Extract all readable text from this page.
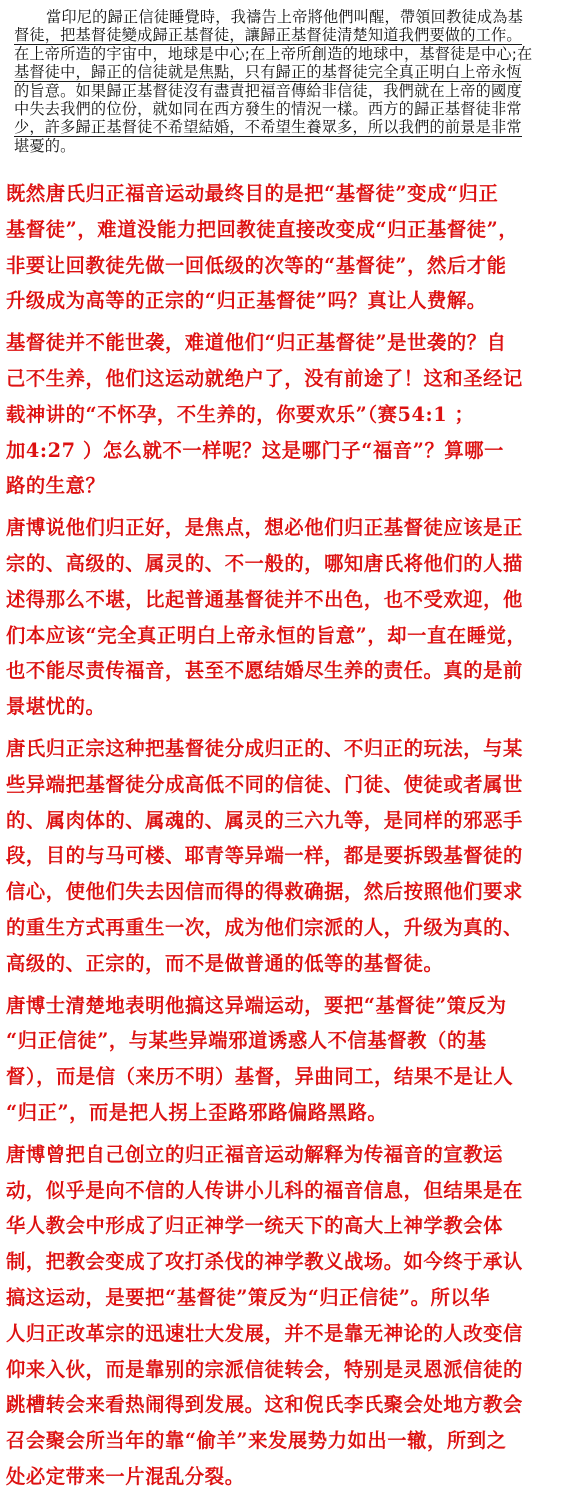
當印尼的歸正信徒睡覺時，我禱告上帝將他們叫醒，帶領回教徒成為基
督徒，把基督徒變成歸正基督徒，讓歸正基督徒清楚知道我們要做的工作。
在上帝所造的宇宙中，地球是中心;在上帝所創造的地球中，基督徒是中心;在
基督徒中，歸正的信徒就是焦點，只有歸正的基督徒完全真正明白上帝永恆
的旨意。如果歸正基督徒沒有盡責把福音傳給非信徒，我們就在上帝的國度
中失去我們的位份，就如同在西方發生的情況一樣。西方的歸正基督徒非常
少，許多歸正基督徒不希望結婚，不希望生養眾多，所以我們的前景是非常
堪憂的。
既然唐氏归正福音运动最终目的是把“基督徒”变成“归正
基督徒”，难道没能力把回教徒直接改变成“归正基督徒”，
非要让回教徒先做一回低级的次等的“基督徒”，然后才能
升级成为高等的正宗的“归正基督徒”吗？真让人费解。
基督徒并不能世袭，难道他们“归正基督徒”是世袭的？自
己不生养，他们这运动就绝户了，没有前途了！这和圣经记
载神讲的“不怀孕，不生养的，你要欢乐”（赛54:1 ；
加4:27 ）怎么就不一样呢？这是哪门子“福音”？算哪一
路的生意？
唐博说他们归正好，是焦点，想必他们归正基督徒应该是正
宗的、高级的、属灵的、不一般的，哪知唐氏将他们的人描
述得那么不堪，比起普通基督徒并不出色，也不受欢迎，他
们本应该“完全真正明白上帝永恒的旨意”，却一直在睡觉，
也不能尽责传福音，甚至不愿结婚尽生养的责任。真的是前
景堪忧的。
唐氏归正宗这种把基督徒分成归正的、不归正的玩法，与某
些异端把基督徒分成高低不同的信徒、门徒、使徒或者属世
的、属肉体的、属魂的、属灵的三六九等，是同样的邪恶手
段，目的与马可楼、耶青等异端一样，都是要拆毁基督徒的
信心，使他们失去因信而得的得救确据，然后按照他们要求
的重生方式再重生一次，成为他们宗派的人，升级为真的、
高级的、正宗的，而不是做普通的低等的基督徒。
唐博士清楚地表明他搞这异端运动，要把“基督徒”策反为
“归正信徒”，与某些异端邪道诱惑人不信基督教（的基
督），而是信（来历不明）基督，异曲同工，结果不是让人
“归正”，而是把人拐上歪路邪路偏路黑路。
唐博曾把自己创立的归正福音运动解释为传福音的宣教运
动，似乎是向不信的人传讲小儿科的福音信息，但结果是在
华人教会中形成了归正神学一统天下的高大上神学教会体
制，把教会变成了攻打杀伐的神学教义战场。如今终于承认
搞这运动，是要把“基督徒”策反为“归正信徒”。所以华
人归正改革宗的迅速壮大发展，并不是靠无神论的人改变信
仰来入伙，而是靠别的宗派信徒转会，特别是灵恩派信徒的
跳槽转会来看热闹得到发展。这和倪氏李氏聚会处地方教会
召会聚会所当年的靠“偷羊”来发展势力如出一辙，所到之
处必定带来一片混乱分裂。
